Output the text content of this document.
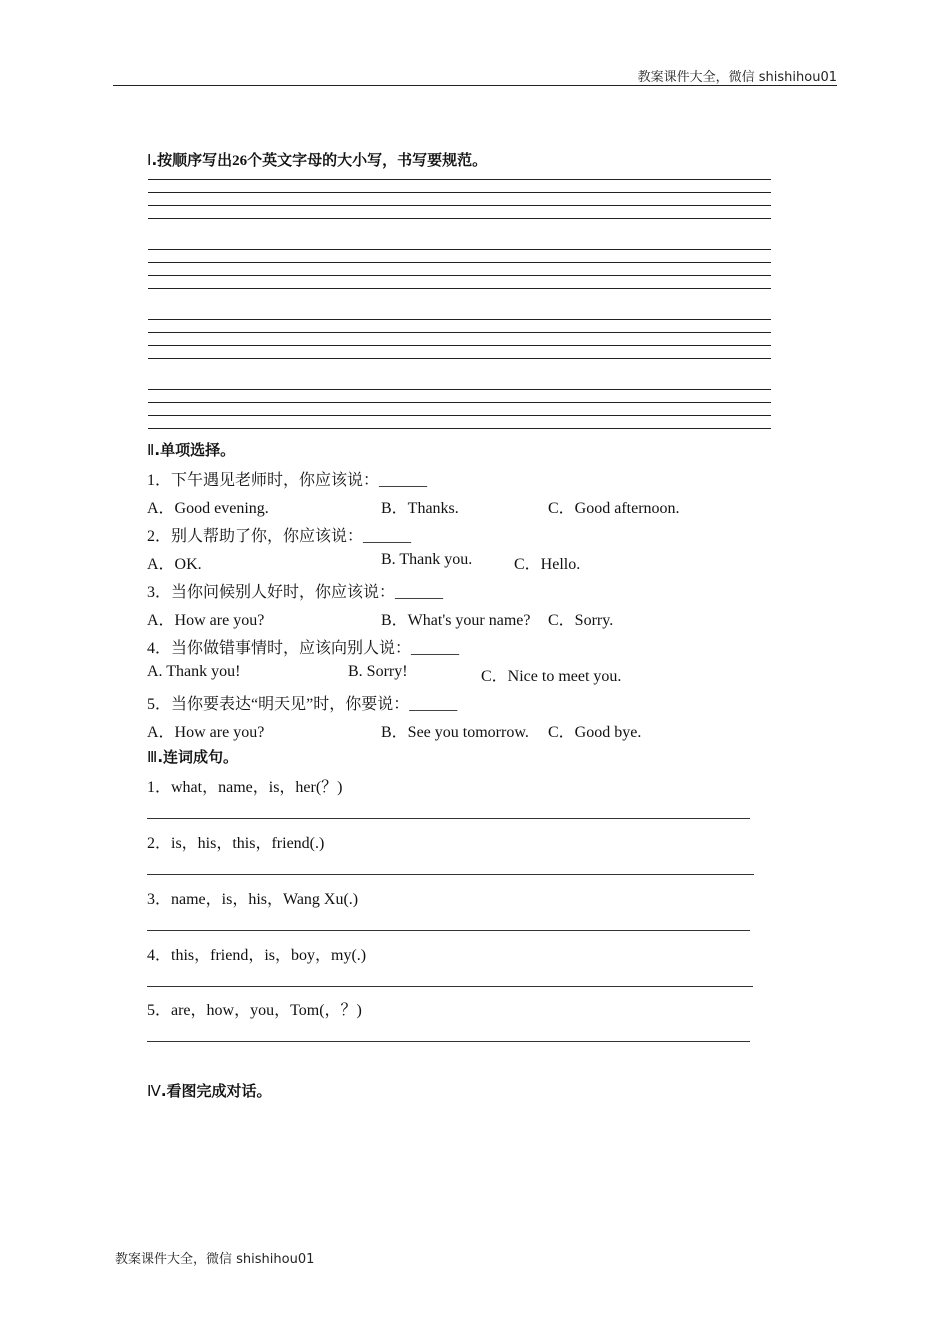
教案课件大全，微信 shishihou01
Ⅰ.按顺序写出26个英文字母的大小写，书写要规范。
Ⅱ.单项选择。
1．下午遇见老师时，你应该说：______
A．Good evening.	B．Thanks.	C．Good afternoon.
2．别人帮助了你，你应该说：______
A．OK.	B. Thank you.	C．Hello.
3．当你问候别人好时，你应该说：______
A．How are you?	B．What's your name? C．Sorry.
4．当你做错事情时，应该向别人说：______
A. Thank you!	B. Sorry!	C．Nice to meet you.
5．当你要表达“明天见”时，你要说：______
A．How are you?	B．See you tomorrow. C．Good bye.
Ⅲ.连词成句。
1．what，name，is，her(？)
2．is，his，this，friend(.)
3．name，is，his，Wang Xu(.)
4．this，friend，is，boy，my(.)
5．are，how，you，Tom(，？)
Ⅳ.看图完成对话。
教案课件大全，微信 shishihou01
